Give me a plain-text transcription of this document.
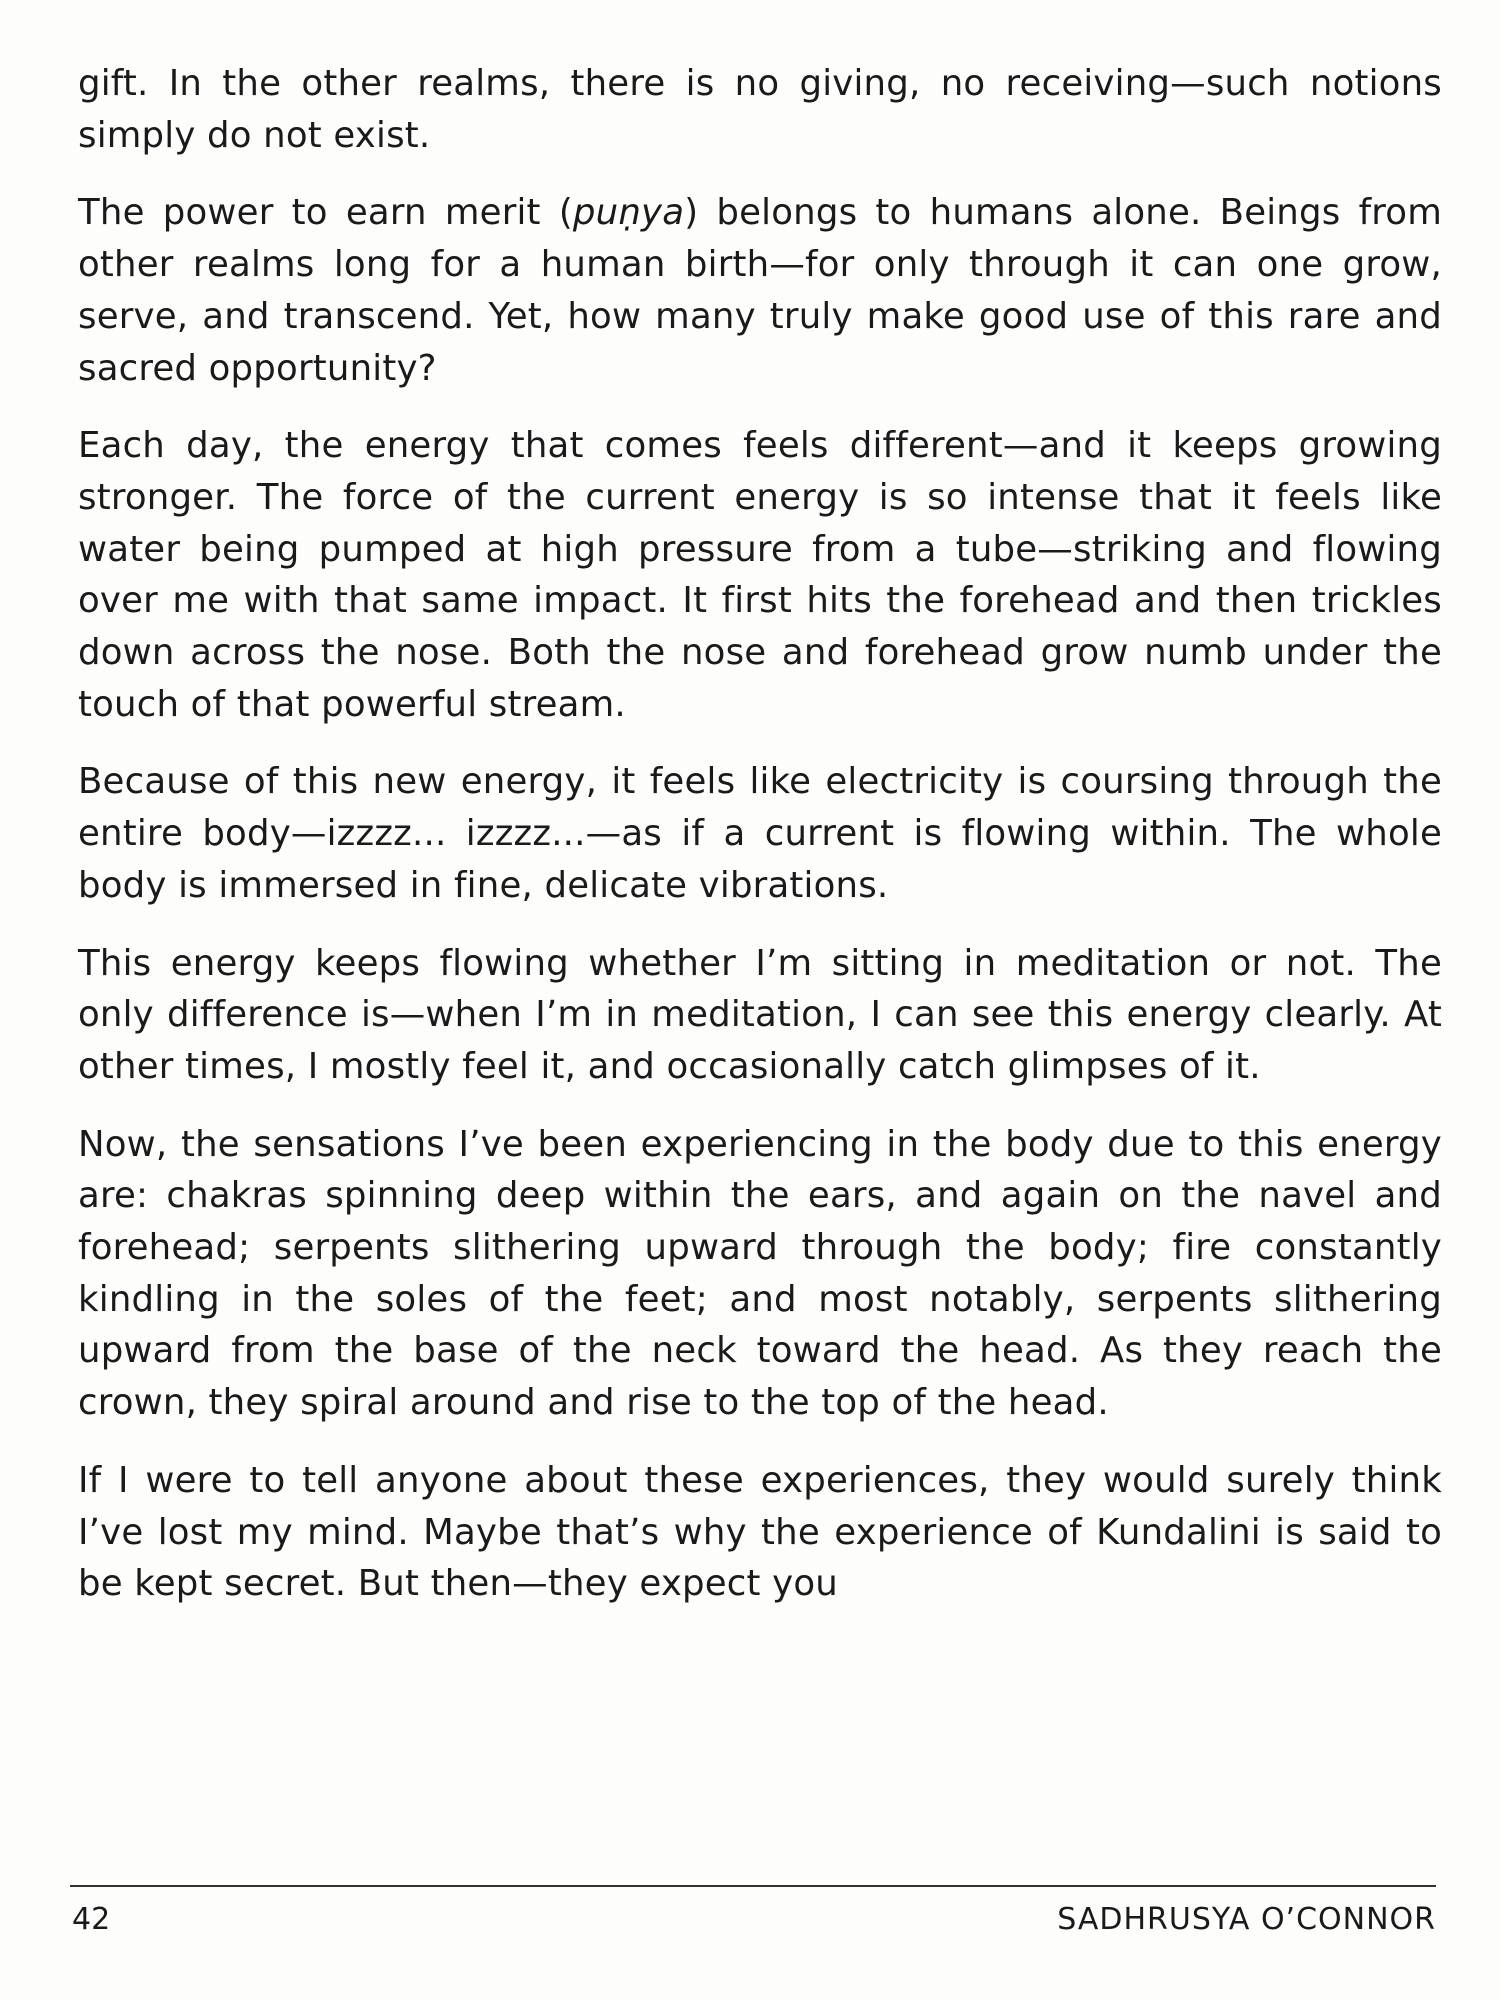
gift. In the other realms, there is no giving, no receiving—such notions simply do not exist.

The power to earn merit (puṇya) belongs to humans alone. Beings from other realms long for a human birth—for only through it can one grow, serve, and transcend. Yet, how many truly make good use of this rare and sacred opportunity?

Each day, the energy that comes feels different—and it keeps growing stronger. The force of the current energy is so intense that it feels like water being pumped at high pressure from a tube—striking and flowing over me with that same impact. It first hits the forehead and then trickles down across the nose. Both the nose and forehead grow numb under the touch of that powerful stream.

Because of this new energy, it feels like electricity is coursing through the entire body—izzzz... izzzz...—as if a current is flowing within. The whole body is immersed in fine, delicate vibrations.

This energy keeps flowing whether I’m sitting in meditation or not. The only difference is—when I’m in meditation, I can see this energy clearly. At other times, I mostly feel it, and occasionally catch glimpses of it.

Now, the sensations I’ve been experiencing in the body due to this energy are: chakras spinning deep within the ears, and again on the navel and forehead; serpents slithering upward through the body; fire constantly kindling in the soles of the feet; and most notably, serpents slithering upward from the base of the neck toward the head. As they reach the crown, they spiral around and rise to the top of the head.

If I were to tell anyone about these experiences, they would surely think I’ve lost my mind. Maybe that’s why the experience of Kundalini is said to be kept secret. But then—they expect you

42	SADHRUSYA O’CONNOR
